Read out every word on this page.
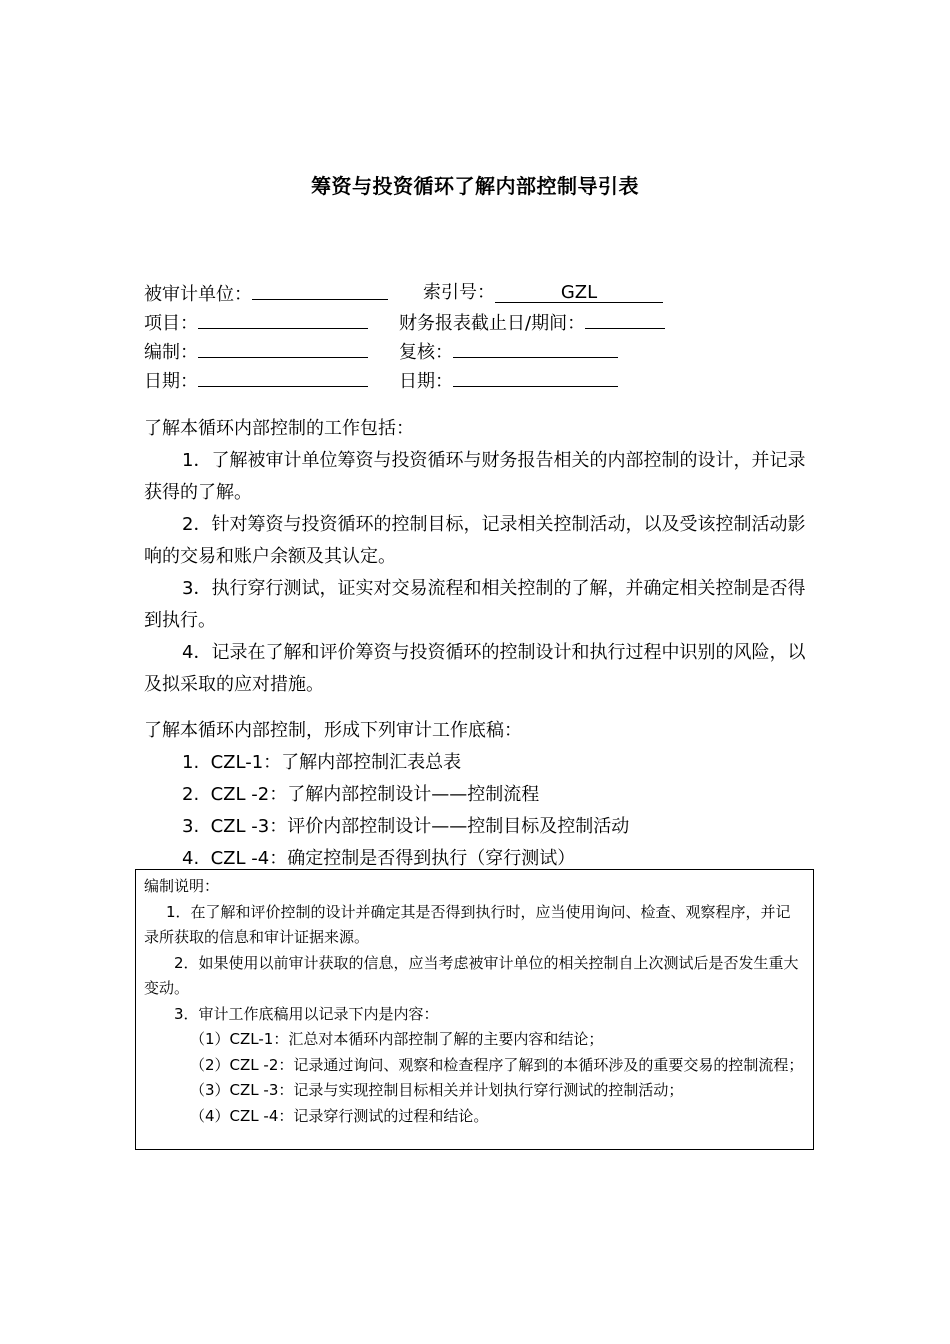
筹资与投资循环了解内部控制导引表
被审计单位：	索引号：	GZL
项目：	财务报表截止日/期间：
编制：	复核：
日期：	日期：
了解本循环内部控制的工作包括：
1．了解被审计单位筹资与投资循环与财务报告相关的内部控制的设计，并记录获得的了解。
2．针对筹资与投资循环的控制目标，记录相关控制活动，以及受该控制活动影响的交易和账户余额及其认定。
3．执行穿行测试，证实对交易流程和相关控制的了解，并确定相关控制是否得到执行。
4．记录在了解和评价筹资与投资循环的控制设计和执行过程中识别的风险，以及拟采取的应对措施。
了解本循环内部控制，形成下列审计工作底稿：
1.  CZL-1：了解内部控制汇表总表
2.  CZL -2：了解内部控制设计——控制流程
3.  CZL -3：评价内部控制设计——控制目标及控制活动
4.  CZL -4：确定控制是否得到执行（穿行测试）

编制说明：

1．在了解和评价控制的设计并确定其是否得到执行时，应当使用询问、检查、观察程序，并记录所获取的信息和审计证据来源。

2．如果使用以前审计获取的信息，应当考虑被审计单位的相关控制自上次测试后是否发生重大变动。

3．审计工作底稿用以记录下内是内容：

（1）CZL-1：汇总对本循环内部控制了解的主要内容和结论；

（2）CZL -2：记录通过询问、观察和检查程序了解到的本循环涉及的重要交易的控制流程；

（3）CZL -3：记录与实现控制目标相关并计划执行穿行测试的控制活动；

（4）CZL -4：记录穿行测试的过程和结论。
